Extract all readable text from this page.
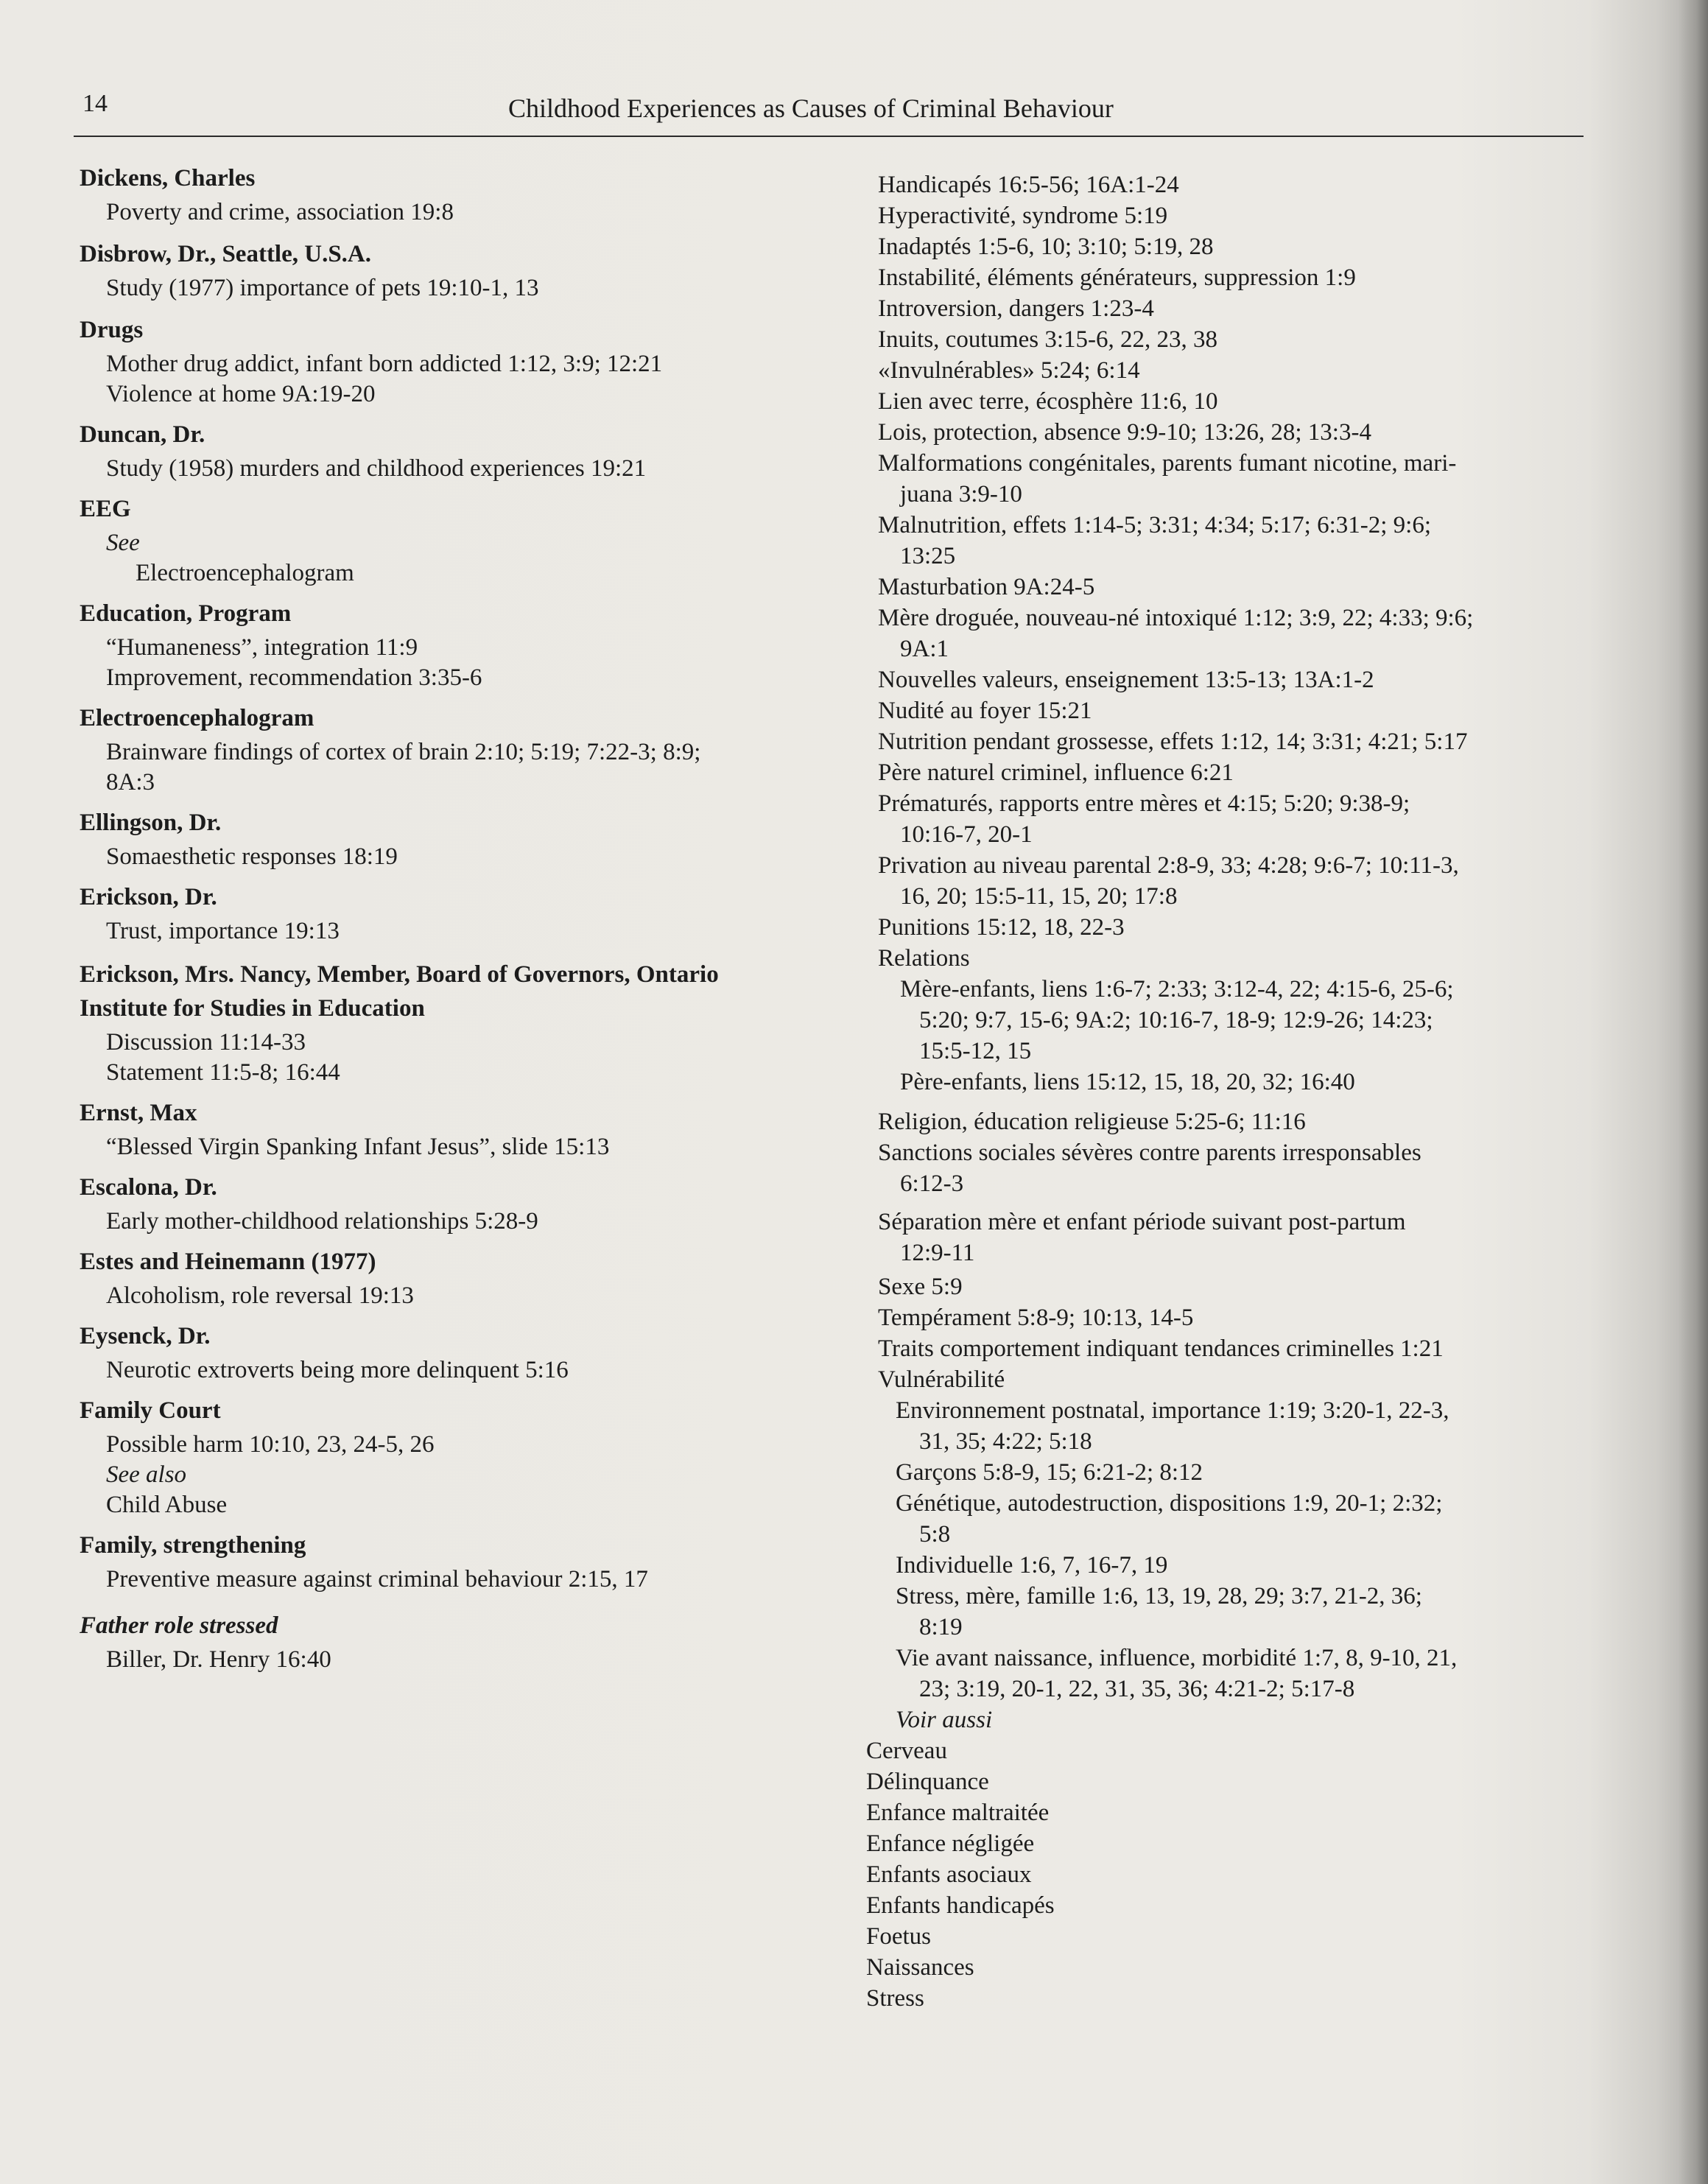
14	Childhood Experiences as Causes of Criminal Behaviour
Dickens, Charles
Poverty and crime, association 19:8
Disbrow, Dr., Seattle, U.S.A.
Study (1977) importance of pets 19:10-1, 13
Drugs
Mother drug addict, infant born addicted 1:12, 3:9; 12:21
Violence at home 9A:19-20
Duncan, Dr.
Study (1958) murders and childhood experiences 19:21
EEG
See
Electroencephalogram
Education, Program
“Humaneness”, integration 11:9
Improvement, recommendation 3:35-6
Electroencephalogram
Brainware findings of cortex of brain 2:10; 5:19; 7:22-3; 8:9;
8A:3
Ellingson, Dr.
Somaesthetic responses 18:19
Erickson, Dr.
Trust, importance 19:13
Erickson, Mrs. Nancy, Member, Board of Governors, Ontario
Institute for Studies in Education
Discussion 11:14-33
Statement 11:5-8; 16:44
Ernst, Max
“Blessed Virgin Spanking Infant Jesus”, slide 15:13
Escalona, Dr.
Early mother-childhood relationships 5:28-9
Estes and Heinemann (1977)
Alcoholism, role reversal 19:13
Eysenck, Dr.
Neurotic extroverts being more delinquent 5:16
Family Court
Possible harm 10:10, 23, 24-5, 26
See also
Child Abuse
Family, strengthening
Preventive measure against criminal behaviour 2:15, 17
Father role stressed
Biller, Dr. Henry 16:40
Handicapés 16:5-56; 16A:1-24
Hyperactivité, syndrome 5:19
Inadaptés 1:5-6, 10; 3:10; 5:19, 28
Instabilité, éléments générateurs, suppression 1:9
Introversion, dangers 1:23-4
Inuits, coutumes 3:15-6, 22, 23, 38
«Invulnérables» 5:24; 6:14
Lien avec terre, écosphère 11:6, 10
Lois, protection, absence 9:9-10; 13:26, 28; 13:3-4
Malformations congénitales, parents fumant nicotine, mari-
juana 3:9-10
Malnutrition, effets 1:14-5; 3:31; 4:34; 5:17; 6:31-2; 9:6;
13:25
Masturbation 9A:24-5
Mère droguée, nouveau-né intoxiqué 1:12; 3:9, 22; 4:33; 9:6;
9A:1
Nouvelles valeurs, enseignement 13:5-13; 13A:1-2
Nudité au foyer 15:21
Nutrition pendant grossesse, effets 1:12, 14; 3:31; 4:21; 5:17
Père naturel criminel, influence 6:21
Prématurés, rapports entre mères et 4:15; 5:20; 9:38-9;
10:16-7, 20-1
Privation au niveau parental 2:8-9, 33; 4:28; 9:6-7; 10:11-3,
16, 20; 15:5-11, 15, 20; 17:8
Punitions 15:12, 18, 22-3
Relations
Mère-enfants, liens 1:6-7; 2:33; 3:12-4, 22; 4:15-6, 25-6;
5:20; 9:7, 15-6; 9A:2; 10:16-7, 18-9; 12:9-26; 14:23;
15:5-12, 15
Père-enfants, liens 15:12, 15, 18, 20, 32; 16:40
Religion, éducation religieuse 5:25-6; 11:16
Sanctions sociales sévères contre parents irresponsables
6:12-3
Séparation mère et enfant période suivant post-partum
12:9-11
Sexe 5:9
Tempérament 5:8-9; 10:13, 14-5
Traits comportement indiquant tendances criminelles 1:21
Vulnérabilité
Environnement postnatal, importance 1:19; 3:20-1, 22-3,
31, 35; 4:22; 5:18
Garçons 5:8-9, 15; 6:21-2; 8:12
Génétique, autodestruction, dispositions 1:9, 20-1; 2:32;
5:8
Individuelle 1:6, 7, 16-7, 19
Stress, mère, famille 1:6, 13, 19, 28, 29; 3:7, 21-2, 36;
8:19
Vie avant naissance, influence, morbidité 1:7, 8, 9-10, 21,
23; 3:19, 20-1, 22, 31, 35, 36; 4:21-2; 5:17-8
Voir aussi
Cerveau
Délinquance
Enfance maltraitée
Enfance négligée
Enfants asociaux
Enfants handicapés
Foetus
Naissances
Stress
